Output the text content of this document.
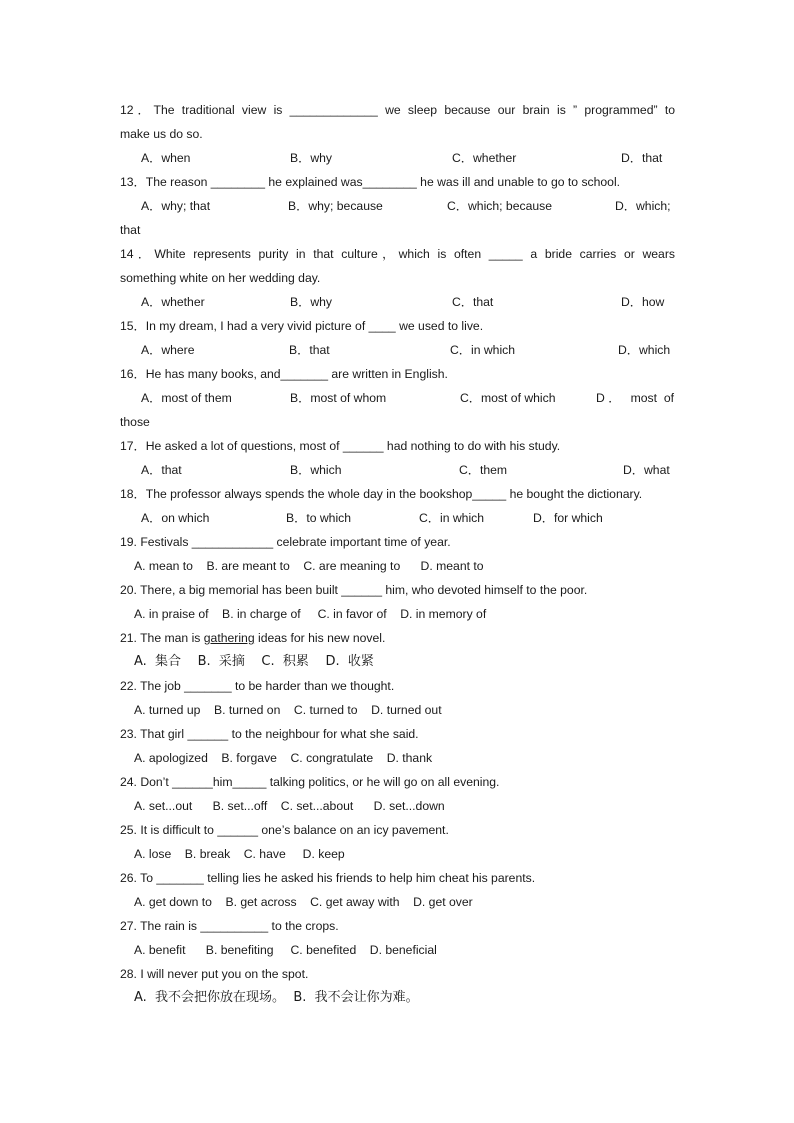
12．The traditional view is _____________ we sleep because our brain is ” programmed” to
make us do so.
A．when	B．why	C．whether	D．that
13．The reason ________ he explained was________ he was ill and unable to go to school.
A．why; that	B．why; because	C．which; because	D．which;
that
14．White represents purity in that culture，which is often _____ a bride carries or wears
something white on her wedding day.
A．whether	B．why	C．that	D．how
15．In my dream, I had a very vivid picture of ____ we used to live.
A．where	B．that	C．in which	D．which
16．He has many books, and_______ are written in English.
A．most of them	B．most of whom	C．most of which	D． most of
those
17．He asked a lot of questions, most of ______ had nothing to do with his study.
A．that	B．which	C．them	D．what
18．The professor always spends the whole day in the bookshop_____ he bought the dictionary.
A．on which	B．to which	C．in which	D．for which
19. Festivals ____________ celebrate important time of year.
A. mean to    B. are meant to    C. are meaning to      D. meant to
20. There, a big memorial has been built ______ him, who devoted himself to the poor.
A. in praise of    B. in charge of     C. in favor of    D. in memory of
21. The man is gathering ideas for his new novel.
A.  集合    B.  采摘    C.  积累    D.  收紧
22. The job _______ to be harder than we thought.
A. turned up    B. turned on    C. turned to    D. turned out
23. That girl ______ to the neighbour for what she said.
A. apologized    B. forgave    C. congratulate    D. thank
24. Don’t ______him_____ talking politics, or he will go on all evening.
A. set...out      B. set...off    C. set...about      D. set...down
25. It is difficult to ______ one’s balance on an icy pavement.
A. lose    B. break    C. have     D. keep
26. To _______ telling lies he asked his friends to help him cheat his parents.
A. get down to    B. get across    C. get away with    D. get over
27. The rain is __________ to the crops.
A. benefit      B. benefiting     C. benefited    D. beneficial
28. I will never put you on the spot.
A.  我不会把你放在现场。  B.  我不会让你为难。
